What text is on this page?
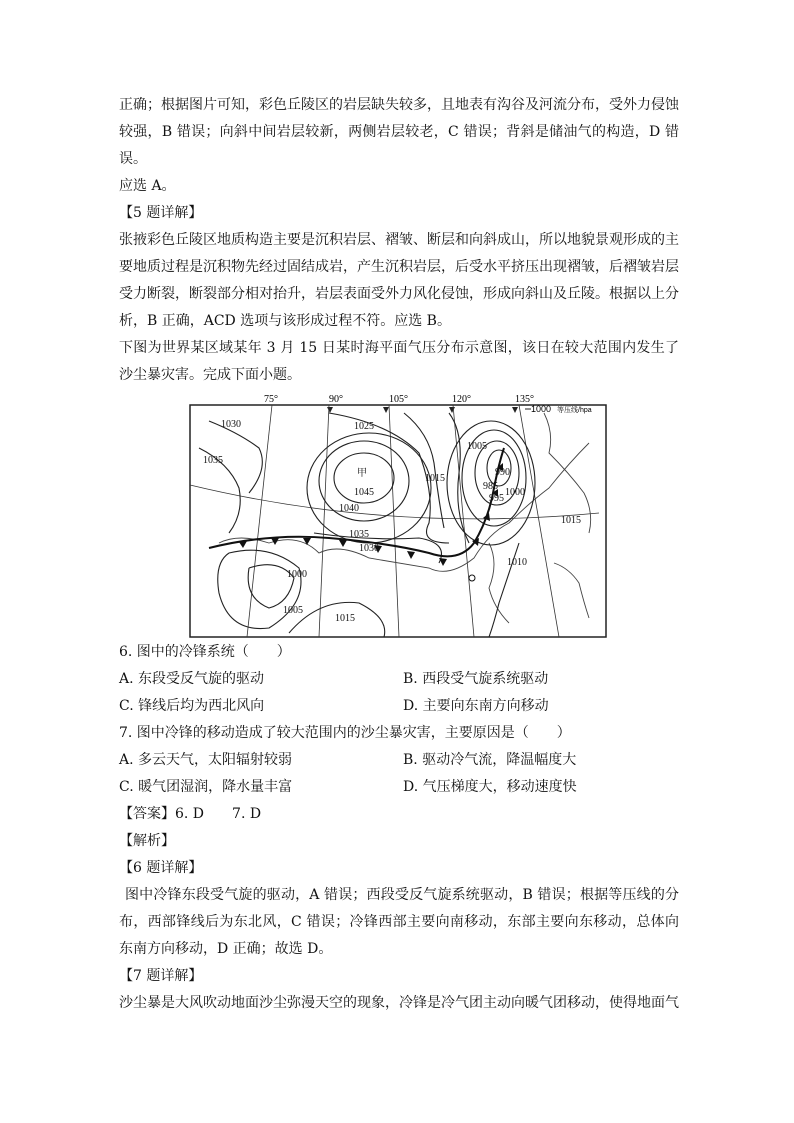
正确；根据图片可知，彩色丘陵区的岩层缺失较多，且地表有沟谷及河流分布，受外力侵蚀较强，B 错误；向斜中间岩层较新，两侧岩层较老，C 错误；背斜是储油气的构造，D 错误。

应选 A。

【5 题详解】

张掖彩色丘陵区地质构造主要是沉积岩层、褶皱、断层和向斜成山，所以地貌景观形成的主要地质过程是沉积物先经过固结成岩，产生沉积岩层，后受水平挤压出现褶皱，后褶皱岩层受力断裂，断裂部分相对抬升，岩层表面受外力风化侵蚀，形成向斜山及丘陵。根据以上分析，B 正确，ACD 选项与该形成过程不符。应选 B。

下图为世界某区域某年 3 月 15 日某时海平面气压分布示意图，该日在较大范围内发生了沙尘暴灾害。完成下面小题。

75°	90°	105°	120°	135°
1000 等压线/hpa
1030
1035
1025
1045
1040
1035
1030
1015
1005
985
990
995
1000
1015
1010
1000
1005
1015
甲

6. 图中的冷锋系统（　　）

A. 东段受反气旋的驱动	B. 西段受气旋系统驱动
C. 锋线后均为西北风向	D. 主要向东南方向移动

7. 图中冷锋的移动造成了较大范围内的沙尘暴灾害，主要原因是（　　）

A. 多云天气，太阳辐射较弱	B. 驱动冷气流，降温幅度大
C. 暖气团湿润，降水量丰富	D. 气压梯度大，移动速度快

【答案】6. D 7. D

【解析】

【6 题详解】

图中冷锋东段受气旋的驱动，A 错误；西段受反气旋系统驱动，B 错误；根据等压线的分布，西部锋线后为东北风，C 错误；冷锋西部主要向南移动，东部主要向东移动，总体向东南方向移动，D 正确；故选 D。

【7 题详解】

沙尘暴是大风吹动地面沙尘弥漫天空的现象，冷锋是冷气团主动向暖气团移动，使得地面气
